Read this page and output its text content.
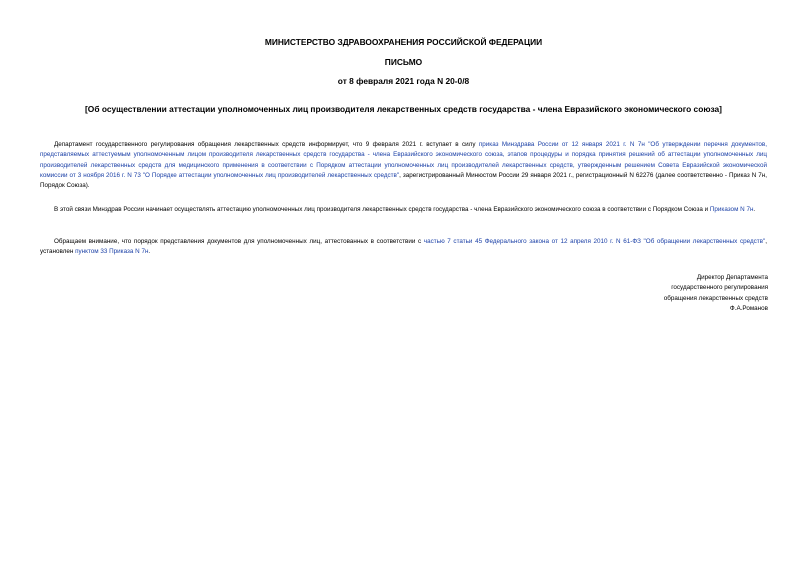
МИНИСТЕРСТВО ЗДРАВООХРАНЕНИЯ РОССИЙСКОЙ ФЕДЕРАЦИИ
ПИСЬМО
от 8 февраля 2021 года N 20-0/8
[Об осуществлении аттестации уполномоченных лиц производителя лекарственных средств государства - члена Евразийского экономического союза]

Департамент государственного регулирования обращения лекарственных средств информирует, что 9 февраля 2021 г. вступает в силу приказ Минздрава России от 12 января 2021 г. N 7н "Об утверждении перечня документов, представляемых аттестуемым уполномоченным лицом производителя лекарственных средств государства - члена Евразийского экономического союза, этапов процедуры и порядка принятия решений об аттестации уполномоченных лиц производителей лекарственных средств для медицинского применения в соответствии с Порядком аттестации уполномоченных лиц производителей лекарственных средств, утвержденным решением Совета Евразийской экономической комиссии от 3 ноября 2016 г. N 73 "О Порядке аттестации уполномоченных лиц производителей лекарственных средств", зарегистрированный Минюстом России 29 января 2021 г., регистрационный N 62276 (далее соответственно - Приказ N 7н, Порядок Союза).

В этой связи Минздрав России начинает осуществлять аттестацию уполномоченных лиц производителя лекарственных средств государства - члена Евразийского экономического союза в соответствии с Порядком Союза и Приказом N 7н.

Обращаем внимание, что порядок представления документов для уполномоченных лиц, аттестованных в соответствии с частью 7 статьи 45 Федерального закона от 12 апреля 2010 г. N 61-ФЗ "Об обращении лекарственных средств", установлен пунктом 33 Приказа N 7н.

Директор Департамента
государственного регулирования
обращения лекарственных средств
Ф.А.Романов
